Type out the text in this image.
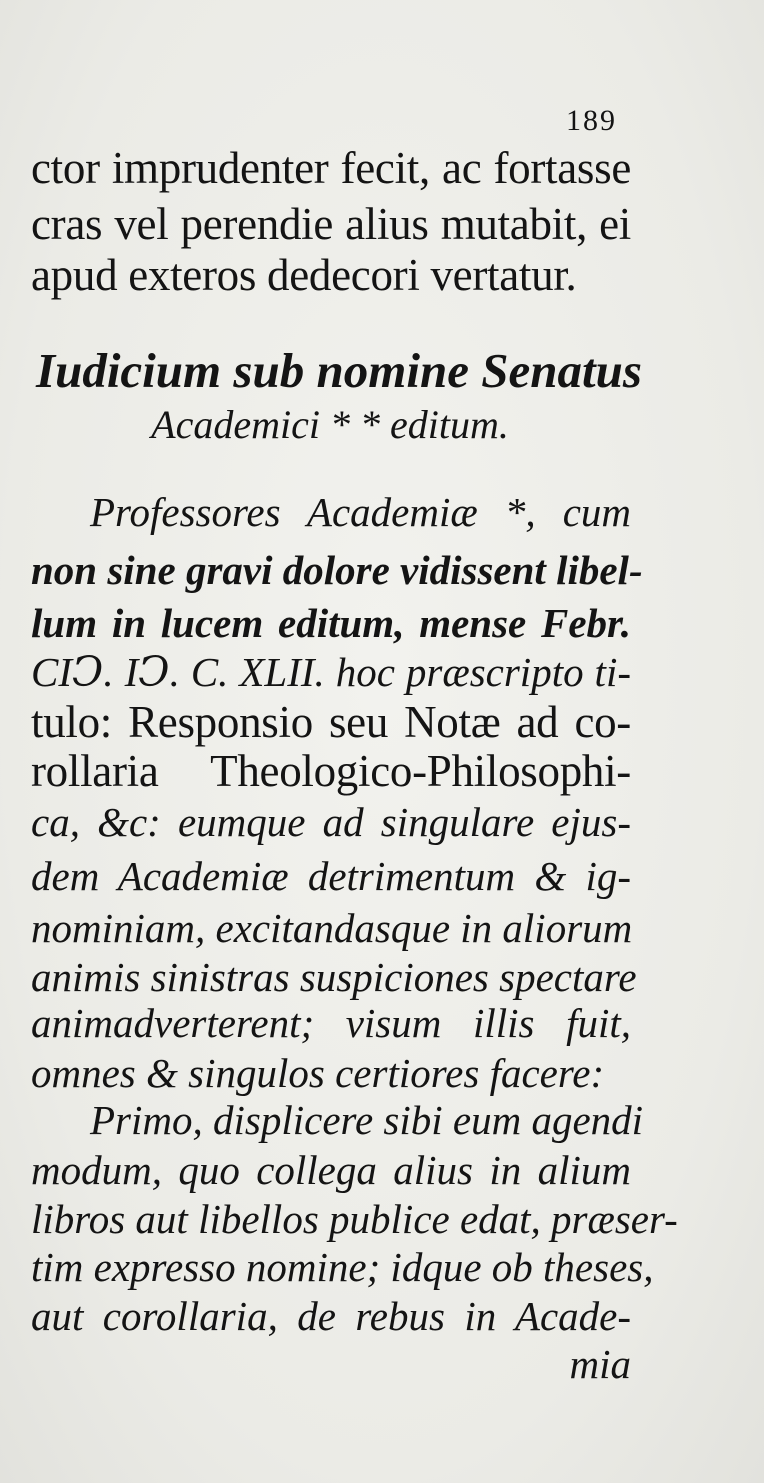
189
ctor imprudenter fecit, ac fortasse
cras vel perendie alius mutabit, ei
apud exteros dedecori vertatur.
Iudicium sub nomine Senatus
Academici * * editum.
Professores Academiæ *, cum
non sine gravi dolore vidissent libel-
lum in lucem editum, mense Febr.
CIↃ. IↃ. C. XLII. hoc præscripto ti-
tulo: Responsio seu Notæ ad co-
rollaria Theologico-Philosophi-
ca, &c: eumque ad singulare ejus-
dem Academiæ detrimentum & ig-
nominiam, excitandasque in aliorum
animis sinistras suspiciones spectare
animadverterent; visum illis fuit,
omnes & singulos certiores facere:
Primo, displicere sibi eum agendi
modum, quo collega alius in alium
libros aut libellos publice edat, præser-
tim expresso nomine; idque ob theses,
aut corollaria, de rebus in Acade-
mia
